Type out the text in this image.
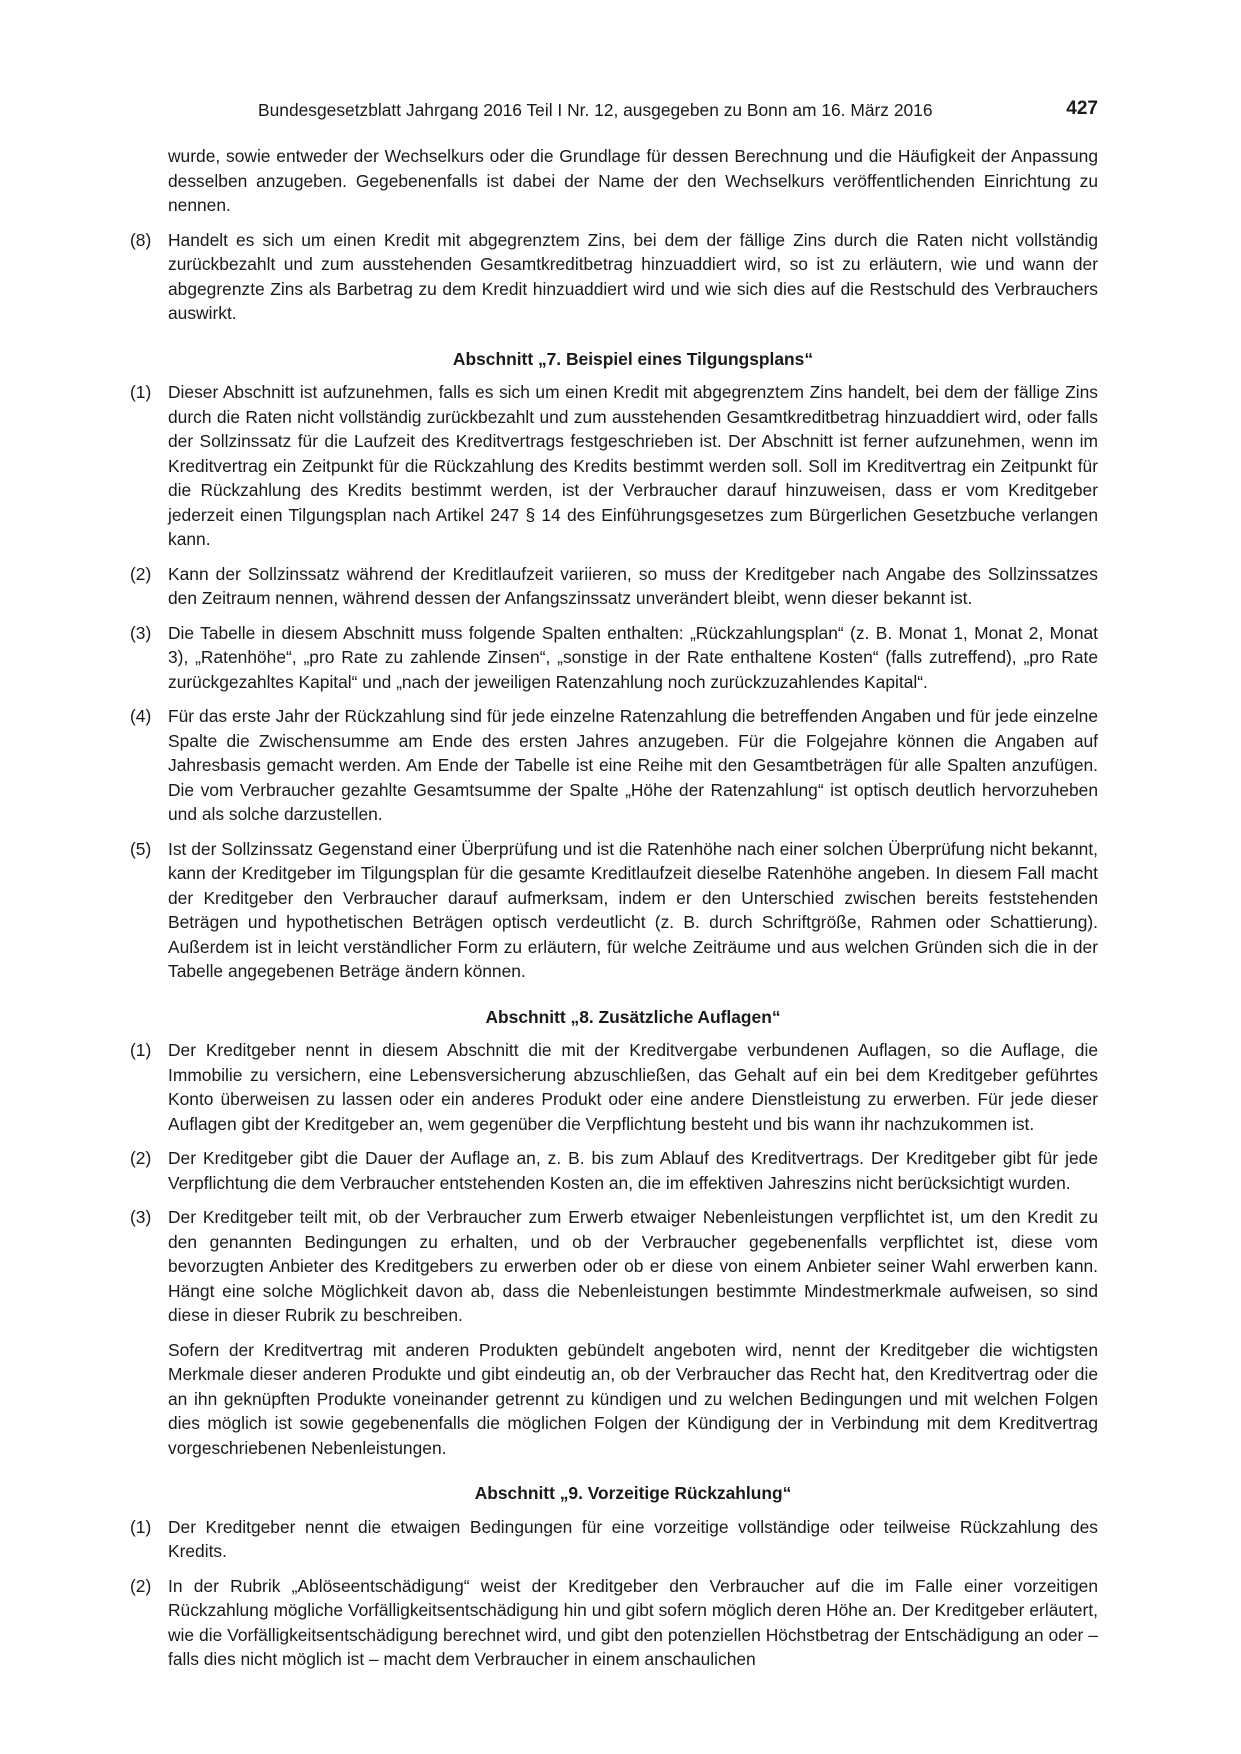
Bundesgesetzblatt Jahrgang 2016 Teil I Nr. 12, ausgegeben zu Bonn am 16. März 2016	427
wurde, sowie entweder der Wechselkurs oder die Grundlage für dessen Berechnung und die Häufigkeit der Anpassung desselben anzugeben. Gegebenenfalls ist dabei der Name der den Wechselkurs veröffentlichenden Einrichtung zu nennen.
(8) Handelt es sich um einen Kredit mit abgegrenztem Zins, bei dem der fällige Zins durch die Raten nicht vollständig zurückbezahlt und zum ausstehenden Gesamtkreditbetrag hinzuaddiert wird, so ist zu erläutern, wie und wann der abgegrenzte Zins als Barbetrag zu dem Kredit hinzuaddiert wird und wie sich dies auf die Restschuld des Verbrauchers auswirkt.
Abschnitt „7. Beispiel eines Tilgungsplans“
(1) Dieser Abschnitt ist aufzunehmen, falls es sich um einen Kredit mit abgegrenztem Zins handelt, bei dem der fällige Zins durch die Raten nicht vollständig zurückbezahlt und zum ausstehenden Gesamtkreditbetrag hinzuaddiert wird, oder falls der Sollzinssatz für die Laufzeit des Kreditvertrags festgeschrieben ist. Der Abschnitt ist ferner aufzunehmen, wenn im Kreditvertrag ein Zeitpunkt für die Rückzahlung des Kredits bestimmt werden soll. Soll im Kreditvertrag ein Zeitpunkt für die Rückzahlung des Kredits bestimmt werden, ist der Verbraucher darauf hinzuweisen, dass er vom Kreditgeber jederzeit einen Tilgungsplan nach Artikel 247 § 14 des Einführungsgesetzes zum Bürgerlichen Gesetzbuche verlangen kann.
(2) Kann der Sollzinssatz während der Kreditlaufzeit variieren, so muss der Kreditgeber nach Angabe des Sollzinssatzes den Zeitraum nennen, während dessen der Anfangszinssatz unverändert bleibt, wenn dieser bekannt ist.
(3) Die Tabelle in diesem Abschnitt muss folgende Spalten enthalten: „Rückzahlungsplan“ (z. B. Monat 1, Monat 2, Monat 3), „Ratenhöhe“, „pro Rate zu zahlende Zinsen“, „sonstige in der Rate enthaltene Kosten“ (falls zutreffend), „pro Rate zurückgezahltes Kapital“ und „nach der jeweiligen Ratenzahlung noch zurückzuzahlendes Kapital“.
(4) Für das erste Jahr der Rückzahlung sind für jede einzelne Ratenzahlung die betreffenden Angaben und für jede einzelne Spalte die Zwischensumme am Ende des ersten Jahres anzugeben. Für die Folgejahre können die Angaben auf Jahresbasis gemacht werden. Am Ende der Tabelle ist eine Reihe mit den Gesamtbeträgen für alle Spalten anzufügen. Die vom Verbraucher gezahlte Gesamtsumme der Spalte „Höhe der Ratenzahlung“ ist optisch deutlich hervorzuheben und als solche darzustellen.
(5) Ist der Sollzinssatz Gegenstand einer Überprüfung und ist die Ratenhöhe nach einer solchen Überprüfung nicht bekannt, kann der Kreditgeber im Tilgungsplan für die gesamte Kreditlaufzeit dieselbe Ratenhöhe angeben. In diesem Fall macht der Kreditgeber den Verbraucher darauf aufmerksam, indem er den Unterschied zwischen bereits feststehenden Beträgen und hypothetischen Beträgen optisch verdeutlicht (z. B. durch Schriftgröße, Rahmen oder Schattierung). Außerdem ist in leicht verständlicher Form zu erläutern, für welche Zeiträume und aus welchen Gründen sich die in der Tabelle angegebenen Beträge ändern können.
Abschnitt „8. Zusätzliche Auflagen“
(1) Der Kreditgeber nennt in diesem Abschnitt die mit der Kreditvergabe verbundenen Auflagen, so die Auflage, die Immobilie zu versichern, eine Lebensversicherung abzuschließen, das Gehalt auf ein bei dem Kreditgeber geführtes Konto überweisen zu lassen oder ein anderes Produkt oder eine andere Dienstleistung zu erwerben. Für jede dieser Auflagen gibt der Kreditgeber an, wem gegenüber die Verpflichtung besteht und bis wann ihr nachzukommen ist.
(2) Der Kreditgeber gibt die Dauer der Auflage an, z. B. bis zum Ablauf des Kreditvertrags. Der Kreditgeber gibt für jede Verpflichtung die dem Verbraucher entstehenden Kosten an, die im effektiven Jahreszins nicht berücksichtigt wurden.
(3) Der Kreditgeber teilt mit, ob der Verbraucher zum Erwerb etwaiger Nebenleistungen verpflichtet ist, um den Kredit zu den genannten Bedingungen zu erhalten, und ob der Verbraucher gegebenenfalls verpflichtet ist, diese vom bevorzugten Anbieter des Kreditgebers zu erwerben oder ob er diese von einem Anbieter seiner Wahl erwerben kann. Hängt eine solche Möglichkeit davon ab, dass die Nebenleistungen bestimmte Mindestmerkmale aufweisen, so sind diese in dieser Rubrik zu beschreiben.
Sofern der Kreditvertrag mit anderen Produkten gebündelt angeboten wird, nennt der Kreditgeber die wichtigsten Merkmale dieser anderen Produkte und gibt eindeutig an, ob der Verbraucher das Recht hat, den Kreditvertrag oder die an ihn geknüpften Produkte voneinander getrennt zu kündigen und zu welchen Bedingungen und mit welchen Folgen dies möglich ist sowie gegebenenfalls die möglichen Folgen der Kündigung der in Verbindung mit dem Kreditvertrag vorgeschriebenen Nebenleistungen.
Abschnitt „9. Vorzeitige Rückzahlung“
(1) Der Kreditgeber nennt die etwaigen Bedingungen für eine vorzeitige vollständige oder teilweise Rückzahlung des Kredits.
(2) In der Rubrik „Ablöseentschädigung“ weist der Kreditgeber den Verbraucher auf die im Falle einer vorzeitigen Rückzahlung mögliche Vorfälligkeitsentschädigung hin und gibt sofern möglich deren Höhe an. Der Kreditgeber erläutert, wie die Vorfälligkeitsentschädigung berechnet wird, und gibt den potenziellen Höchstbetrag der Entschädigung an oder – falls dies nicht möglich ist – macht dem Verbraucher in einem anschaulichen
